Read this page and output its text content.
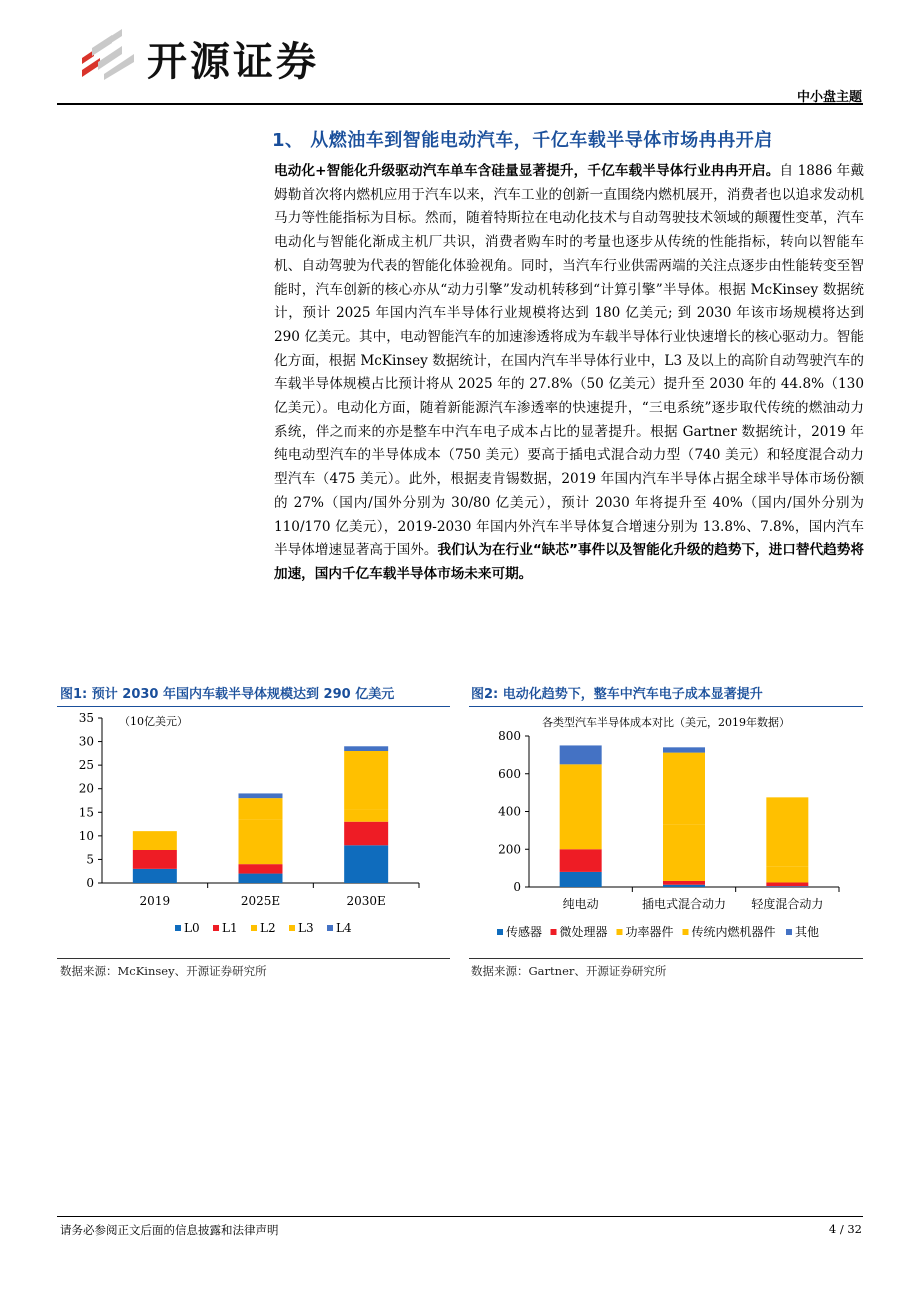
开源证券
中小盘主题
1、 从燃油车到智能电动汽车，千亿车载半导体市场冉冉开启
电动化+智能化升级驱动汽车单车含硅量显著提升，千亿车载半导体行业冉冉开启。自 1886 年戴姆勒首次将内燃机应用于汽车以来，汽车工业的创新一直围绕内燃机展开，消费者也以追求发动机马力等性能指标为目标。然而，随着特斯拉在电动化技术与自动驾驶技术领域的颠覆性变革，汽车电动化与智能化渐成主机厂共识，消费者购车时的考量也逐步从传统的性能指标，转向以智能车机、自动驾驶为代表的智能化体验视角。同时，当汽车行业供需两端的关注点逐步由性能转变至智能时，汽车创新的核心亦从“动力引擎”发动机转移到“计算引擎”半导体。根据 McKinsey 数据统计，预计 2025 年国内汽车半导体行业规模将达到 180 亿美元; 到 2030 年该市场规模将达到 290 亿美元。其中，电动智能汽车的加速渗透将成为车载半导体行业快速增长的核心驱动力。智能化方面，根据 McKinsey 数据统计，在国内汽车半导体行业中，L3 及以上的高阶自动驾驶汽车的车载半导体规模占比预计将从 2025 年的 27.8%（50 亿美元）提升至 2030 年的 44.8%（130 亿美元）。电动化方面，随着新能源汽车渗透率的快速提升，“三电系统”逐步取代传统的燃油动力系统，伴之而来的亦是整车中汽车电子成本占比的显著提升。根据 Gartner 数据统计，2019 年纯电动型汽车的半导体成本（750 美元）要高于插电式混合动力型（740 美元）和轻度混合动力型汽车（475 美元）。此外，根据麦肯锡数据，2019 年国内汽车半导体占据全球半导体市场份额的 27%（国内/国外分别为 30/80 亿美元），预计 2030 年将提升至 40%（国内/国外分别为 110/170 亿美元），2019-2030 年国内外汽车半导体复合增速分别为 13.8%、7.8%，国内汽车半导体增速显著高于国外。我们认为在行业“缺芯”事件以及智能化升级的趋势下，进口替代趋势将加速，国内千亿车载半导体市场未来可期。
图1: 预计 2030 年国内车载半导体规模达到 290 亿美元
（10亿美元）
0
5
10
15
20
25
30
35
2019	2025E	2030E
L0 L1 L2 L3 L4
数据来源：McKinsey、开源证券研究所
图2: 电动化趋势下，整车中汽车电子成本显著提升
各类型汽车半导体成本对比（美元，2019年数据）
0
200
400
600
800
纯电动	插电式混合动力 轻度混合动力
传感器 微处理器 功率器件 传统内燃机器件 其他
数据来源：Gartner、开源证券研究所
请务必参阅正文后面的信息披露和法律声明	4 / 32
